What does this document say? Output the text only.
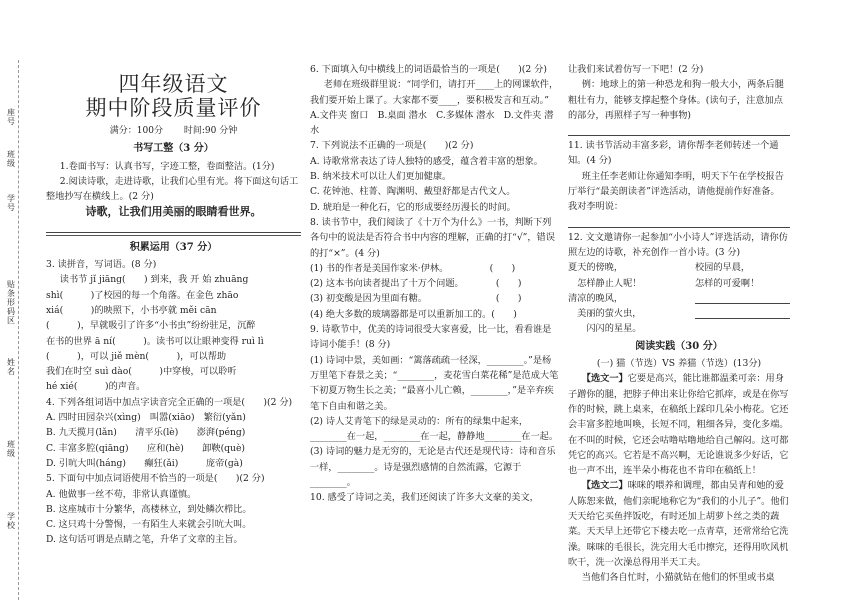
座号
班级
学号
贴条形码区
姓名
班级
学校
四年级语文
期中阶段质量评价
满分：100分 　　 时间:90 分钟
书写工整（3 分）

1.卷面书写：认真书写，字迹工整，卷面整洁。(1分)

2.阅读诗歌，走进诗歌，让我们心里有光。将下面这句话工整地抄写在横线上。(2 分)

诗歌，让我们用美丽的眼睛看世界。
积累运用（37 分）

3. 读拼音，写词语。(8 分)

读书节 jǐ jiāng(　　) 到来，我 开 始 zhuāng

shì(　　　)了校园的每一个角落。在金色 zhāo

xiá(　　　)的映照下，小书亭就 měi cān

(　　　)，早就吸引了许多“小书虫”纷纷驻足，沉醉

在书的世界 ā ní(　　　)。读书可以让眼神变得 ruì lì

(　　　)，可以 jiě mèn(　　　)，可以帮助

我们在时空 suì dào(　　　)中穿梭，可以聆听

hé xié(　　　)的声音。

4. 下列各组词语中加点字读音完全正确的一项是(　　)(2 分)

A. 四时田园杂兴(xìng)　叫嚣(xiāo)　繁衍(yǎn)

B. 九天揽月(lǎn)　　清平乐(lè)　　澎湃(péng)

C. 丰富多腔(qiāng)　　应和(hè)　　卸鞅(què)

D. 引吭大叫(háng)　　癫狂(ǎi)　　　庞帝(gà)

5. 下面句中加点词语使用不恰当的一项是(　　)(2 分)

A. 他做事一丝不苟，非常认真谨慎。

B. 这座城市十分繁华，高楼林立，到处鳞次栉比。

C. 这只鸡十分警惕，一有陌生人来就会引吭大叫。

D. 这句话可谓是点睛之笔，升华了文章的主旨。

6. 下面填入句中横线上的词语最恰当的一项是(　　)(2 分)

老师在班级群里说：“同学们，请打开____上的网课软件，我们要开始上课了。大家都不要____，要积极发言和互动。”

A.文件夹 窗口　B.桌面 潜水　C.多媒体 潜水　D.文件夹 潜水

7. 下列说法不正确的一项是(　　)(2 分)

A. 诗歌常常表达了诗人独特的感受，蕴含着丰富的想象。

B. 纳米技术可以让人们更加健康。

C. 花钟池、柱菁、陶渊明、戴望舒都是古代文人。

D. 琥珀是一种化石，它的形成要经历漫长的时间。

8. 读书节中，我们阅读了《十万个为什么》一书，判断下列各句中的说法是否符合书中内容的理解，正确的打“√”，错误的打“×”。(4 分)

(1) 书的作者是美国作家米·伊林。　　　　　(　　)

(2) 这本书向读者提出了十万个问题。　　　　(　　)

(3) 初变酸是因为里面有糖。　　　　　　　　(　　)

(4) 绝大多数的玻璃器都是可以重新加工的。(　　)

9. 诗歌节中，优美的诗词很受大家喜爱，比一比，看看谁是诗词小能手！(8 分)

(1) 诗词中景，美如画：“篱落疏疏一径深，________。”是杨万里笔下春景之美；“________，麦花雪白菜花稀”是范成大笔下初夏万物生长之美；“最喜小儿亡赖，________，”是辛弃疾笔下自由和谐之美。

(2) 诗人艾青笔下的绿是灵动的：所有的绿集中起来，________在一起，________在一起，静静地________在一起。

(3) 诗词的魅力是无穷的，无论是古代还是现代诗：诗和音乐一样，________。诗是强烈感情的自然流露，它源于________。

10. 感受了诗词之美，我们还阅读了许多大文豪的美文，

让我们来试着仿写一下吧！(2 分)

例：地球上的第一种恐龙和狗一般大小，两条后腿粗壮有力，能够支撑起整个身体。(读句子，注意加点的部分，再照样子写一种事物)

11. 读书节活动丰富多彩，请你帮李老师转述一个通知。(4 分)

班主任李老师让你通知李明，明天下午在学校报告厅举行“最美朗读者”评选活动，请他提前作好准备。

我对李明说：

12. 文文邀请你一起参加“小小诗人”评选活动，请你仿照左边的诗歌，补充创作一首小诗。(3 分)

夏天的傍晚，

　怎样静止人呢！

清凉的晚风，

　美丽的萤火虫，

　　闪闪的星星。

校园的早晨，

怎样的可爱啊！

阅读实践（30 分）

(一) 猫（节选）VS 养猫（节选）(13分)

【选文一】它要是高兴，能比谁都温柔可亲：用身子蹭你的腿，把脖子伸出来让你给它抓痒，或是在你写作的时候，跳上桌来，在稿纸上踩印几朵小梅花。它还会丰富多腔地叫唤，长短不同，粗细各异，变化多端。在不叫的时候，它还会咕噜咕噜地给自己解闷。这可都凭它的高兴。它若是不高兴啊，无论谁说多少好话，它也一声不出，连半朵小梅花也不肯印在稿纸上！

【选文二】咪咪的喂养和调理，都由吴青和她的爱人陈恕来做，他们亲昵地称它为“我们的小儿子”。他们天天给它买鱼拌饭吃，有时还加上胡萝卜丝之类的蔬菜。天天早上还带它下楼去吃一点青草，还常常给它洗澡。咪咪的毛很长，洗完用大毛巾擦完，还得用吹风机吹干，洗一次澡总得用半天工夫。

当他们各自忙时，小猫就钻在他们的怀里或书桌
